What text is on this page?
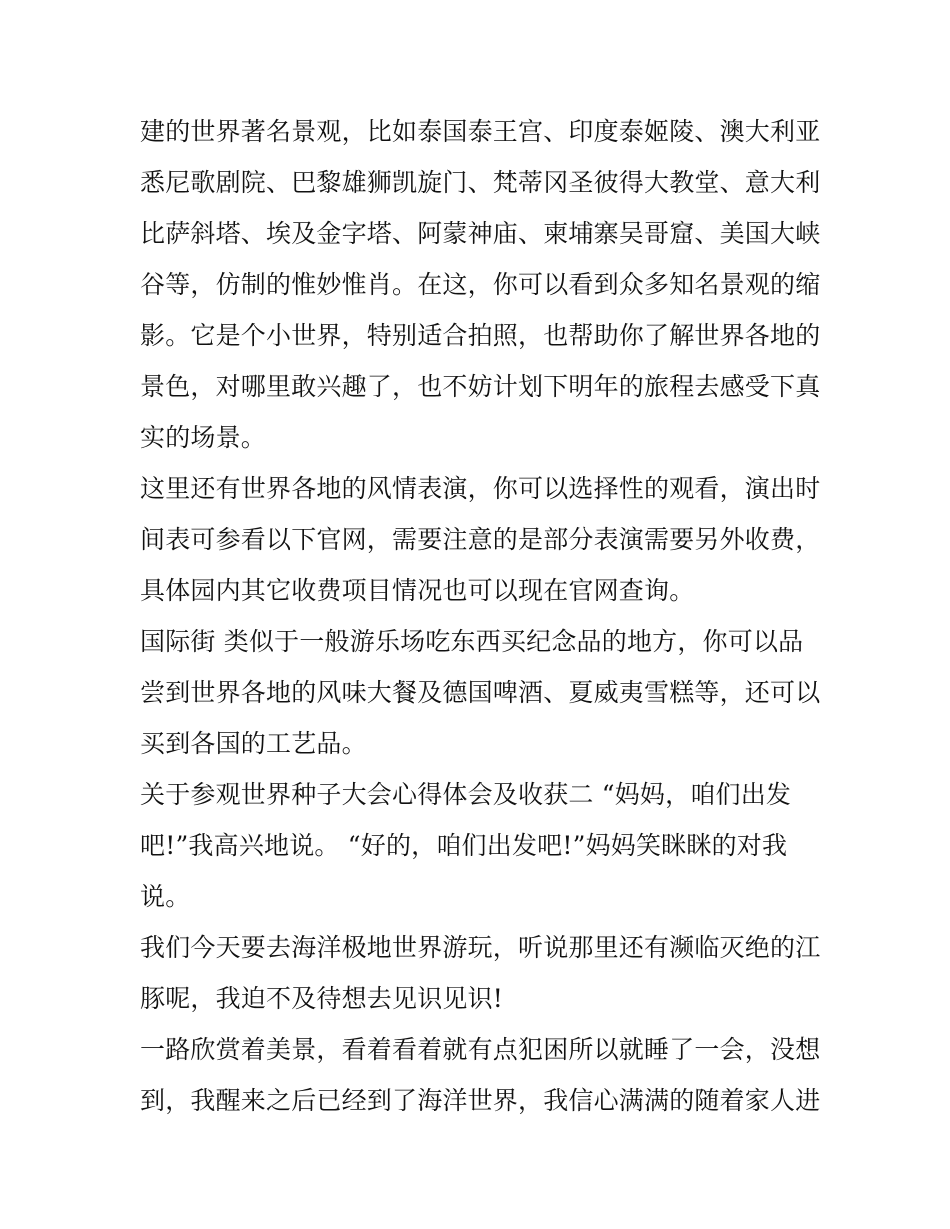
建的世界著名景观，比如泰国泰王宫、印度泰姬陵、澳大利亚
悉尼歌剧院、巴黎雄狮凯旋门、梵蒂冈圣彼得大教堂、意大利
比萨斜塔、埃及金字塔、阿蒙神庙、柬埔寨吴哥窟、美国大峡
谷等，仿制的惟妙惟肖。在这，你可以看到众多知名景观的缩
影。它是个小世界，特别适合拍照，也帮助你了解世界各地的
景色，对哪里敢兴趣了，也不妨计划下明年的旅程去感受下真
实的场景。
这里还有世界各地的风情表演，你可以选择性的观看，演出时
间表可参看以下官网，需要注意的是部分表演需要另外收费，
具体园内其它收费项目情况也可以现在官网查询。
国际街 类似于一般游乐场吃东西买纪念品的地方，你可以品
尝到世界各地的风味大餐及德国啤酒、夏威夷雪糕等，还可以
买到各国的工艺品。
关于参观世界种子大会心得体会及收获二 “妈妈，咱们出发
吧!”我高兴地说。 “好的，咱们出发吧!”妈妈笑眯眯的对我
说。
我们今天要去海洋极地世界游玩，听说那里还有濒临灭绝的江
豚呢，我迫不及待想去见识见识!
一路欣赏着美景，看着看着就有点犯困所以就睡了一会，没想
到，我醒来之后已经到了海洋世界，我信心满满的随着家人进
